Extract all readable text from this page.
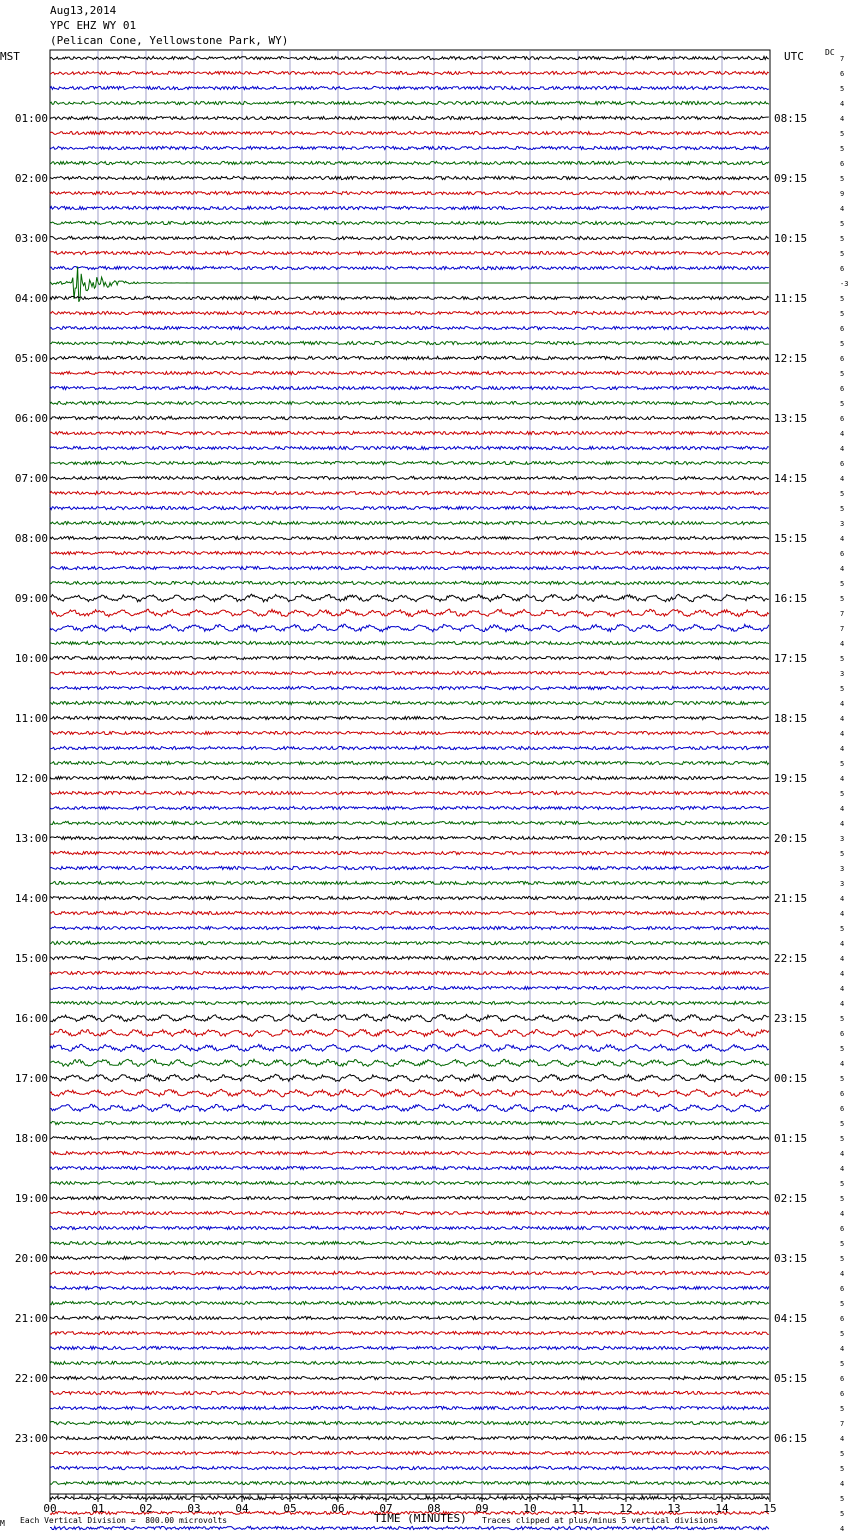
Aug13,2014
YPC EHZ WY 01
(Pelican Cone, Yellowstone Park, WY)
MST	UTC	DC
7
6
5
4
4
5
5
6
5
9
4
5
5
5
6
-3
5
5
6
5
6
5
6
5
6
4
4
6
4
5
5
3
4
6
4
5
5
7
7
4
5
3
5
4
4
4
4
5
4
5
4
4
3
5
3
3
4
4
5
4
4
4
4
4
5
6
5
4
5
6
6
5
5
4
4
5
5
4
6
5
5
4
6
5
6
5
4
5
6
6
5
7
4
5
5
4
5
5
4
01:00
02:00
03:00
04:00
05:00
06:00
07:00
08:00
09:00
10:00
11:00
12:00
13:00
14:00
15:00
16:00
17:00
18:00
19:00
20:00
21:00
22:00
23:00
08:15
09:15
10:15
11:15
12:15
13:15
14:15
15:15
16:15
17:15
18:15
19:15
20:15
21:15
22:15
23:15
00:15
01:15
02:15
03:15
04:15
05:15
06:15
00	01	02	03	04	05	06	07	08	09	10	11	12	13	14	15
M Each Vertical Division =  800.00 microvolts	TIME (MINUTES) Traces clipped at plus/minus 5 vertical divisions
